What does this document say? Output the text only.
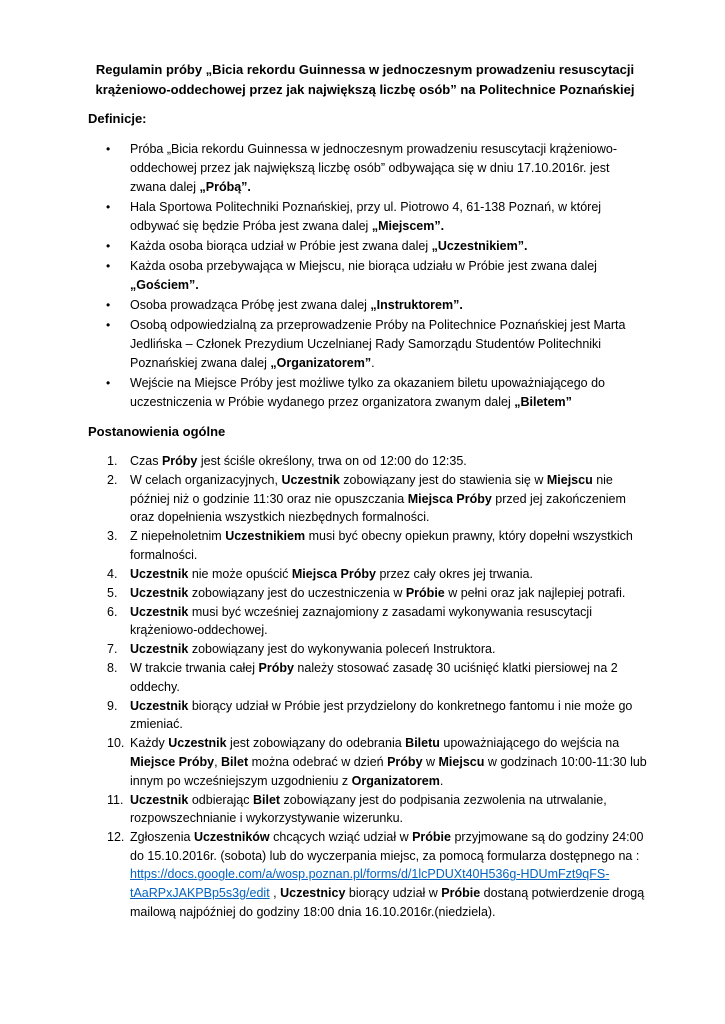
Regulamin próby „Bicia rekordu Guinnessa w jednoczesnym prowadzeniu resuscytacji krążeniowo-oddechowej przez jak największą liczbę osób” na Politechnice Poznańskiej
Definicje:
• Próba „Bicia rekordu Guinnessa w jednoczesnym prowadzeniu resuscytacji krążeniowo-oddechowej przez jak największą liczbę osób” odbywająca się w dniu 17.10.2016r. jest zwana dalej „Próbą”.
• Hala Sportowa Politechniki Poznańskiej, przy ul. Piotrowo 4, 61-138 Poznań, w której odbywać się będzie Próba jest zwana dalej „Miejscem”.
• Każda osoba biorąca udział w Próbie jest zwana dalej „Uczestnikiem”.
• Każda osoba przebywająca w Miejscu, nie biorąca udziału w Próbie jest zwana dalej „Gościem”.
• Osoba prowadząca Próbę jest zwana dalej „Instruktorem”.
• Osobą odpowiedzialną za przeprowadzenie Próby na Politechnice Poznańskiej jest Marta Jedlińska – Członek Prezydium Uczelnianej Rady Samorządu Studentów Politechniki Poznańskiej zwana dalej „Organizatorem”.
• Wejście na Miejsce Próby jest możliwe tylko za okazaniem biletu upoważniającego do uczestniczenia w Próbie wydanego przez organizatora zwanym dalej „Biletem”
Postanowienia ogólne
1. Czas Próby jest ściśle określony, trwa on od 12:00 do 12:35.
2. W celach organizacyjnych, Uczestnik zobowiązany jest do stawienia się w Miejscu nie później niż o godzinie 11:30 oraz nie opuszczania Miejsca Próby przed jej zakończeniem oraz dopełnienia wszystkich niezbędnych formalności.
3. Z niepełnoletnim Uczestnikiem musi być obecny opiekun prawny, który dopełni wszystkich formalności.
4. Uczestnik nie może opuścić Miejsca Próby przez cały okres jej trwania.
5. Uczestnik zobowiązany jest do uczestniczenia w Próbie w pełni oraz jak najlepiej potrafi.
6. Uczestnik musi być wcześniej zaznajomiony z zasadami wykonywania resuscytacji krążeniowo-oddechowej.
7. Uczestnik zobowiązany jest do wykonywania poleceń Instruktora.
8. W trakcie trwania całej Próby należy stosować zasadę 30 uciśnięć klatki piersiowej na 2 oddechy.
9. Uczestnik biorący udział w Próbie jest przydzielony do konkretnego fantomu i nie może go zmieniać.
10. Każdy Uczestnik jest zobowiązany do odebrania Biletu upoważniającego do wejścia na Miejsce Próby, Bilet można odebrać w dzień Próby w Miejscu w godzinach 10:00-11:30 lub innym po wcześniejszym uzgodnieniu z Organizatorem.
11. Uczestnik odbierając Bilet zobowiązany jest do podpisania zezwolenia na utrwalanie, rozpowszechnianie i wykorzystywanie wizerunku.
12. Zgłoszenia Uczestników chcących wziąć udział w Próbie przyjmowane są do godziny 24:00 do 15.10.2016r. (sobota) lub do wyczerpania miejsc, za pomocą formularza dostępnego na : https://docs.google.com/a/wosp.poznan.pl/forms/d/1lcPDUXt40H536g-HDUmFzt9qFS-tAaRPxJAKPBp5s3g/edit , Uczestnicy biorący udział w Próbie dostaną potwierdzenie drogą mailową najpóźniej do godziny 18:00 dnia 16.10.2016r.(niedziela).
